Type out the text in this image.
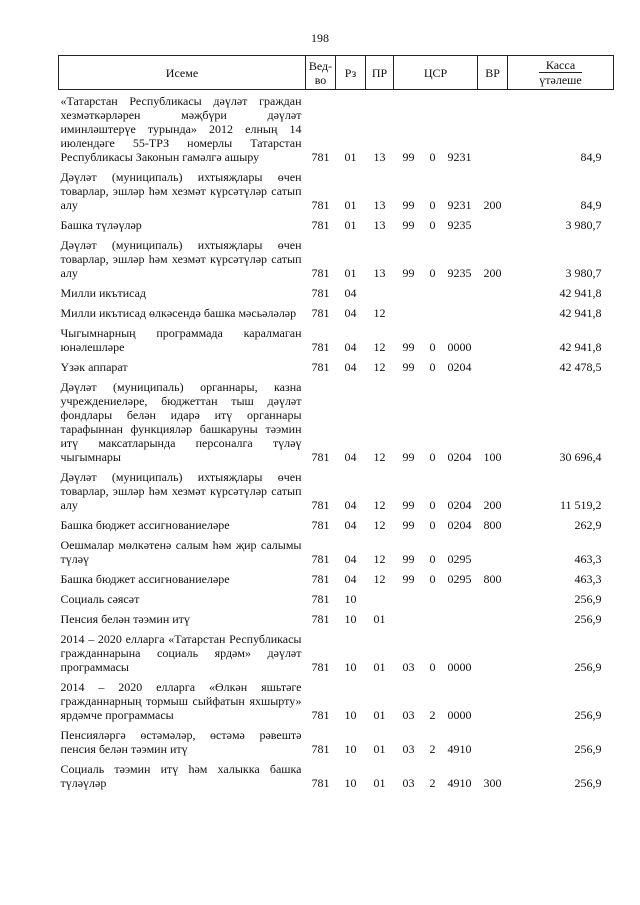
198
Исеме	Вед-
во	Рз	ПР	ЦСР			ВР	Касса
үтәлеше
«Татарстан Республикасы дәүләт граждан хезмәткәрләрен мәҗбүри дәүләт иминләштерүе турында» 2012 елның 14 июлендәге 55-ТРЗ номерлы Татарстан Республикасы Законын гамәлгә ашыру	781	01	13	99	0	9231		84,9
Дәүләт (муниципаль) ихтыяҗлары өчен товарлар, эшләр һәм хезмәт күрсәтүләр сатып алу	781	01	13	99	0	9231	200	84,9
Башка түләүләр	781	01	13	99	0	9235		3 980,7
Дәүләт (муниципаль) ихтыяҗлары өчен товарлар, эшләр һәм хезмәт күрсәтүләр сатып алу	781	01	13	99	0	9235	200	3 980,7
Милли икътисад	781	04						42 941,8
Милли икътисад өлкәсендә башка мәсьәләләр	781	04	12					42 941,8
Чыгымнарның программада каралмаган юнәлешләре	781	04	12	99	0	0000		42 941,8
Үзәк аппарат	781	04	12	99	0	0204		42 478,5
Дәүләт (муниципаль) органнары, казна учреждениеләре, бюджеттан тыш дәүләт фондлары белән идарә итү органнары тарафыннан функцияләр башкаруны тәэмин итү максатларында персоналга түләү чыгымнары	781	04	12	99	0	0204	100	30 696,4
Дәүләт (муниципаль) ихтыяҗлары өчен товарлар, эшләр һәм хезмәт күрсәтүләр сатып алу	781	04	12	99	0	0204	200	11 519,2
Башка бюджет ассигнованиеләре	781	04	12	99	0	0204	800	262,9
Оешмалар мөлкәтенә салым һәм җир салымы түләү	781	04	12	99	0	0295		463,3
Башка бюджет ассигнованиеләре	781	04	12	99	0	0295	800	463,3
Социаль сәясәт	781	10						256,9
Пенсия белән тәэмин итү	781	10	01					256,9
2014 – 2020 елларга «Татарстан Республикасы гражданнарына социаль ярдәм» дәүләт программасы	781	10	01	03	0	0000		256,9
2014 – 2020 елларга «Өлкән яшьтәге гражданнарның тормыш сыйфатын яхшырту» ярдәмче программасы	781	10	01	03	2	0000		256,9
Пенсияләргә өстәмәләр, өстәмә рәвештә пенсия белән тәэмин итү	781	10	01	03	2	4910		256,9
Социаль тәэмин итү һәм халыкка башка түләүләр	781	10	01	03	2	4910	300	256,9
